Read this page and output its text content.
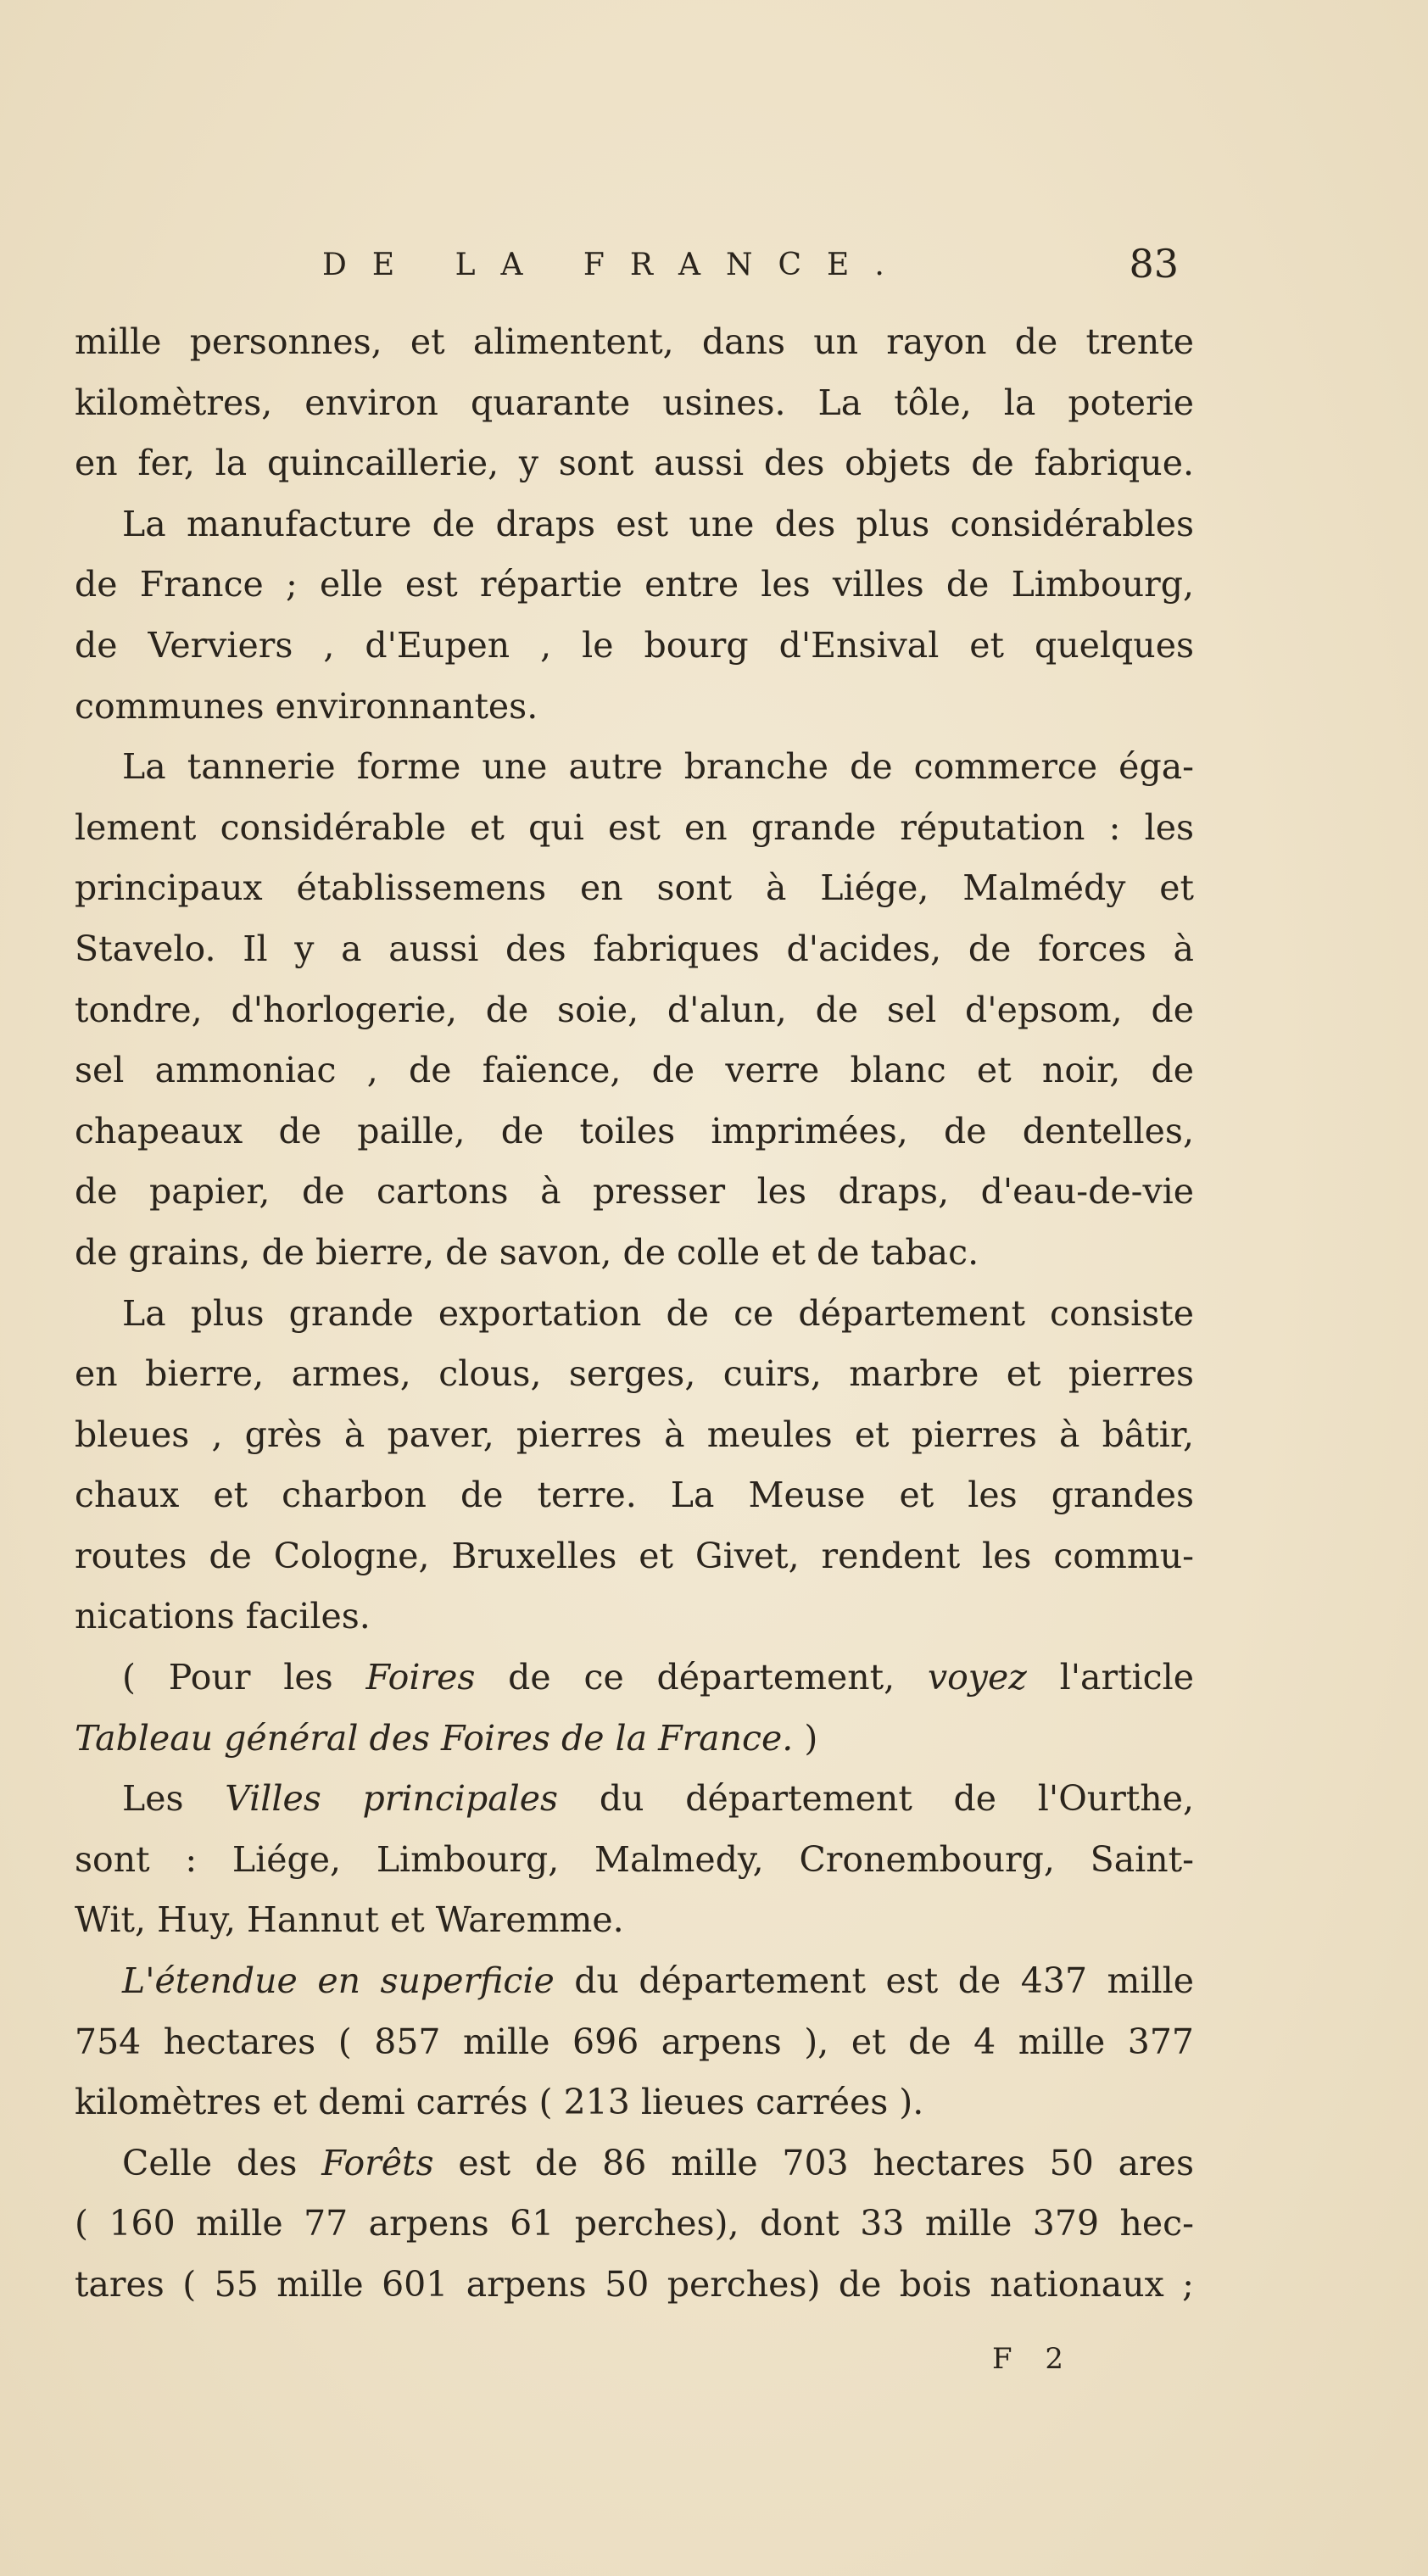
DE LA FRANCE.	83
mille personnes, et alimentent, dans un rayon de trente
kilomètres, environ quarante usines. La tôle, la poterie
en fer, la quincaillerie, y sont aussi des objets de fabrique.
La manufacture de draps est une des plus considérables
de France ; elle est répartie entre les villes de Limbourg,
de Verviers , d'Eupen , le bourg d'Ensival et quelques
communes environnantes.
La tannerie forme une autre branche de commerce éga-
lement considérable et qui est en grande réputation : les
principaux établissemens en sont à Liége, Malmédy et
Stavelo. Il y a aussi des fabriques d'acides, de forces à
tondre, d'horlogerie, de soie, d'alun, de sel d'epsom, de
sel ammoniac , de faïence, de verre blanc et noir, de
chapeaux de paille, de toiles imprimées, de dentelles,
de papier, de cartons à presser les draps, d'eau-de-vie
de grains, de bierre, de savon, de colle et de tabac.
La plus grande exportation de ce département consiste
en bierre, armes, clous, serges, cuirs, marbre et pierres
bleues , grès à paver, pierres à meules et pierres à bâtir,
chaux et charbon de terre. La Meuse et les grandes
routes de Cologne, Bruxelles et Givet, rendent les commu-
nications faciles.
( Pour les Foires de ce département, voyez l'article
Tableau général des Foires de la France. )
Les Villes principales du département de l'Ourthe,
sont : Liége, Limbourg, Malmedy, Cronembourg, Saint-
Wit, Huy, Hannut et Waremme.
L'étendue en superficie du département est de 437 mille
754 hectares ( 857 mille 696 arpens ), et de 4 mille 377
kilomètres et demi carrés ( 213 lieues carrées ).
Celle des Forêts est de 86 mille 703 hectares 50 ares
( 160 mille 77 arpens 61 perches), dont 33 mille 379 hec-
tares ( 55 mille 601 arpens 50 perches) de bois nationaux ;
F 2
